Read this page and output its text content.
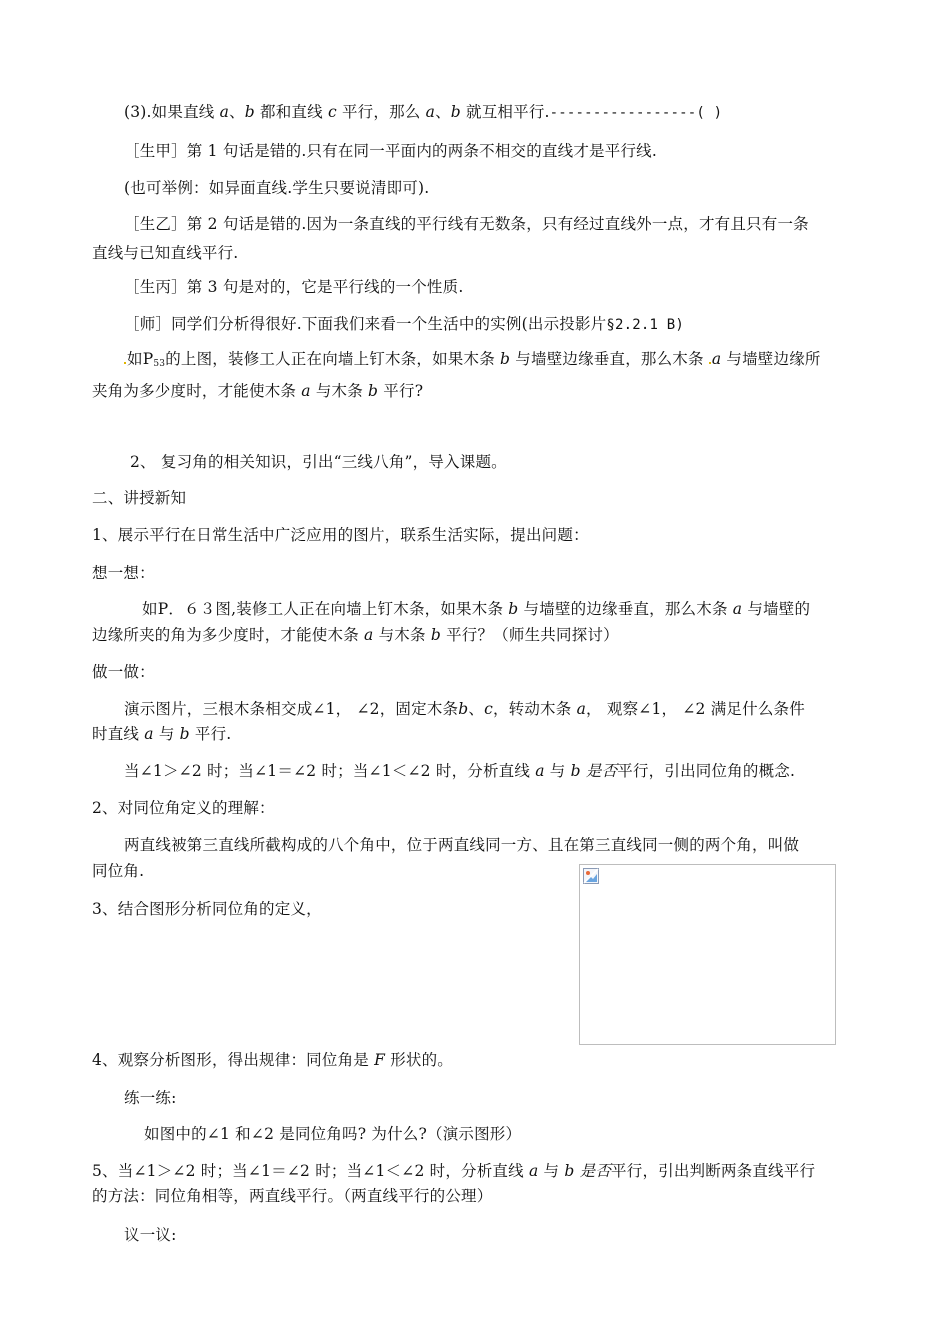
(3).如果直线 a、b 都和直线 c 平行，那么 a、b 就互相平行.-----------------( )
［生甲］第 1 句话是错的.只有在同一平面内的两条不相交的直线才是平行线.
(也可举例：如异面直线.学生只要说清即可).
［生乙］第 2 句话是错的.因为一条直线的平行线有无数条，只有经过直线外一点，才有且只有一条
直线与已知直线平行.
［生丙］第 3 句是对的，它是平行线的一个性质.
［师］同学们分析得很好.下面我们来看一个生活中的实例(出示投影片§2.2.1 B)
如$P_{53}$的上图，装修工人正在向墙上钉木条，如果木条 b 与墙壁边缘垂直，那么木条 a 与墙壁边缘所
夹角为多少度时，才能使木条 a 与木条 b 平行?
2、 复习角的相关知识，引出“三线八角”，导入课题。
二、讲授新知
1、展示平行在日常生活中广泛应用的图片，联系生活实际，提出问题：
想一想：
如P．６３图,装修工人正在向墙上钉木条，如果木条 b 与墙壁的边缘垂直，那么木条 a 与墙壁的
边缘所夹的角为多少度时，才能使木条 a 与木条 b 平行？（师生共同探讨）
做一做：
演示图片，三根木条相交成∠1， ∠2，固定木条b、c，转动木条 a， 观察∠1， ∠2 满足什么条件
时直线 a 与 b 平行.
当∠1＞∠2 时；当∠1＝∠2 时；当∠1＜∠2 时，分析直线 a 与 b 是否平行，引出同位角的概念.
2、对同位角定义的理解：
两直线被第三直线所截构成的八个角中，位于两直线同一方、且在第三直线同一侧的两个角，叫做
同位角.
3、结合图形分析同位角的定义，
4、观察分析图形，得出规律：同位角是 F 形状的。
练一练:
如图中的∠1 和∠2 是同位角吗? 为什么?（演示图形）
5、当∠1＞∠2 时；当∠1＝∠2 时；当∠1＜∠2 时，分析直线 a 与 b 是否平行，引出判断两条直线平行
的方法：同位角相等，两直线平行。（两直线平行的公理）
议一议:
